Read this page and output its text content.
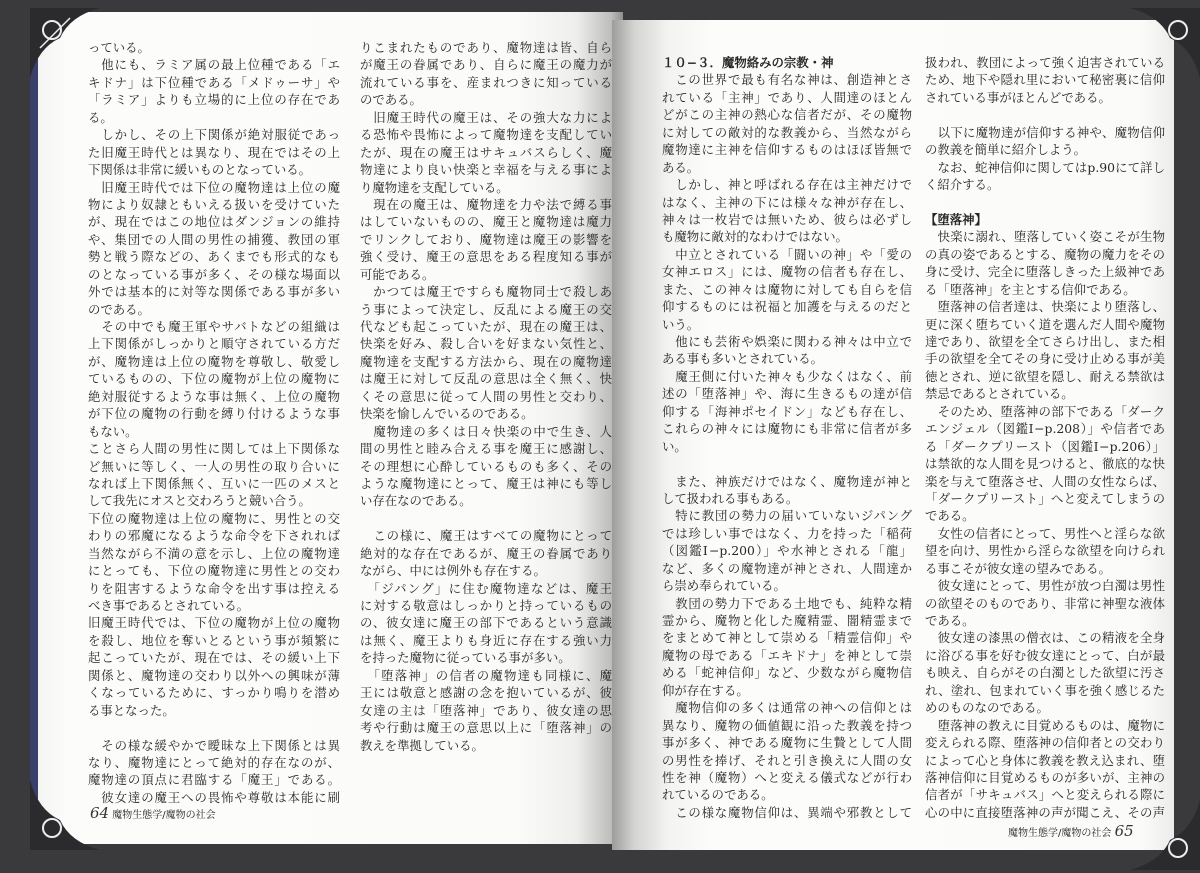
っている。
　他にも、ラミア属の最上位種である「エ
キドナ」は下位種である「メドゥーサ」や
「ラミア」よりも立場的に上位の存在であ
る。
　しかし、その上下関係が絶対服従であっ
た旧魔王時代とは異なり、現在ではその上
下関係は非常に緩いものとなっている。
　旧魔王時代では下位の魔物達は上位の魔
物により奴隷ともいえる扱いを受けていた
が、現在ではこの地位はダンジョンの維持
や、集団での人間の男性の捕獲、教団の軍
勢と戦う際などの、あくまでも形式的なも
のとなっている事が多く、その様な場面以
外では基本的に対等な関係である事が多い
のである。
　その中でも魔王軍やサバトなどの組織は
上下関係がしっかりと順守されている方だ
が、魔物達は上位の魔物を尊敬し、敬愛し
ているものの、下位の魔物が上位の魔物に
絶対服従するような事は無く、上位の魔物
が下位の魔物の行動を縛り付けるような事
もない。
ことさら人間の男性に関しては上下関係な
ど無いに等しく、一人の男性の取り合いに
なれば上下関係無く、互いに一匹のメスと
して我先にオスと交わろうと競い合う。
下位の魔物達は上位の魔物に、男性との交
わりの邪魔になるような命令を下されれば
当然ながら不満の意を示し、上位の魔物達
にとっても、下位の魔物達に男性との交わ
りを阻害するような命令を出す事は控える
べき事であるとされている。
旧魔王時代では、下位の魔物が上位の魔物
を殺し、地位を奪いとるという事が頻繁に
起こっていたが、現在では、その緩い上下
関係と、魔物達の交わり以外への興味が薄
くなっているために、すっかり鳴りを潜め
る事となった。
　その様な緩やかで曖昧な上下関係とは異
なり、魔物達にとって絶対的存在なのが、
魔物達の頂点に君臨する「魔王」である。
　彼女達の魔王への畏怖や尊敬は本能に刷
りこまれたものであり、魔物達は皆、自ら
が魔王の眷属であり、自らに魔王の魔力が
流れている事を、産まれつきに知っている
のである。
　旧魔王時代の魔王は、その強大な力によ
る恐怖や畏怖によって魔物達を支配してい
たが、現在の魔王はサキュバスらしく、魔
物達により良い快楽と幸福を与える事によ
り魔物達を支配している。
　現在の魔王は、魔物達を力や法で縛る事
はしていないものの、魔王と魔物達は魔力
でリンクしており、魔物達は魔王の影響を
強く受け、魔王の意思をある程度知る事が
可能である。
　かつては魔王ですらも魔物同士で殺しあ
う事によって決定し、反乱による魔王の交
代なども起こっていたが、現在の魔王は、
快楽を好み、殺し合いを好まない気性と、
魔物達を支配する方法から、現在の魔物達
は魔王に対して反乱の意思は全く無く、快
くその意思に従って人間の男性と交わり、
快楽を愉しんでいるのである。
　魔物達の多くは日々快楽の中で生き、人
間の男性と睦み合える事を魔王に感謝し、
その理想に心酔しているものも多く、その
ような魔物達にとって、魔王は神にも等し
い存在なのである。
　この様に、魔王はすべての魔物にとって
絶対的な存在であるが、魔王の眷属であり
ながら、中には例外も存在する。
　「ジパング」に住む魔物達などは、魔王
に対する敬意はしっかりと持っているもの
の、彼女達に魔王の部下であるという意識
は無く、魔王よりも身近に存在する強い力
を持った魔物に従っている事が多い。
　「堕落神」の信者の魔物達も同様に、魔
王には敬意と感謝の念を抱いているが、彼
女達の主は「堕落神」であり、彼女達の思
考や行動は魔王の意思以上に「堕落神」の
教えを準拠している。
１０−３．魔物絡みの宗教・神
　この世界で最も有名な神は、創造神とさ
れている「主神」であり、人間達のほとん
どがこの主神の熱心な信者だが、その魔物
に対しての敵対的な教義から、当然ながら
魔物達に主神を信仰するものはほぼ皆無で
ある。
　しかし、神と呼ばれる存在は主神だけで
はなく、主神の下には様々な神が存在し、
神々は一枚岩では無いため、彼らは必ずし
も魔物に敵対的なわけではない。
　中立とされている「闘いの神」や「愛の
女神エロス」には、魔物の信者も存在し、
また、この神々は魔物に対しても自らを信
仰するものには祝福と加護を与えるのだと
いう。
　他にも芸術や娯楽に関わる神々は中立で
ある事も多いとされている。
　魔王側に付いた神々も少なくはなく、前
述の「堕落神」や、海に生きるもの達が信
仰する「海神ポセイドン」なども存在し、
これらの神々には魔物にも非常に信者が多
い。
　また、神族だけではなく、魔物達が神と
して扱われる事もある。
　特に教団の勢力の届いていないジパング
では珍しい事ではなく、力を持った「稲荷
（図鑑Ⅰ−p.200）」や水神とされる「龍」
など、多くの魔物達が神とされ、人間達か
ら崇め奉られている。
　教団の勢力下である土地でも、純粋な精
霊から、魔物と化した魔精霊、闇精霊まで
をまとめて神として崇める「精霊信仰」や
魔物の母である「エキドナ」を神として崇
める「蛇神信仰」など、少数ながら魔物信
仰が存在する。
　魔物信仰の多くは通常の神への信仰とは
異なり、魔物の価値観に沿った教義を持つ
事が多く、神である魔物に生贄として人間
の男性を捧げ、それと引き換えに人間の女
性を神（魔物）へと変える儀式などが行わ
れているのである。
　この様な魔物信仰は、異端や邪教として
扱われ、教団によって強く迫害されている
ため、地下や隠れ里において秘密裏に信仰
されている事がほとんどである。
　以下に魔物達が信仰する神や、魔物信仰
の教義を簡単に紹介しよう。
　なお、蛇神信仰に関してはp.90にて詳し
く紹介する。
【堕落神】
　快楽に溺れ、堕落していく姿こそが生物
の真の姿であるとする、魔物の魔力をその
身に受け、完全に堕落しきった上級神であ
る「堕落神」を主とする信仰である。
　堕落神の信者達は、快楽により堕落し、
更に深く堕ちていく道を選んだ人間や魔物
達であり、欲望を全てさらけ出し、また相
手の欲望を全てその身に受け止める事が美
徳とされ、逆に欲望を隠し、耐える禁欲は
禁忌であるとされている。
　そのため、堕落神の部下である「ダーク
エンジェル（図鑑Ⅰ−p.208）」や信者であ
る「ダークプリースト（図鑑Ⅰ−p.206）」
は禁欲的な人間を見つけると、徹底的な快
楽を与えて堕落させ、人間の女性ならば、
「ダークプリースト」へと変えてしまうの
である。
　女性の信者にとって、男性へと淫らな欲
望を向け、男性から淫らな欲望を向けられ
る事こそが彼女達の望みである。
　彼女達にとって、男性が放つ白濁は男性
の欲望そのものであり、非常に神聖な液体
である。
　彼女達の漆黒の僧衣は、この精液を全身
に浴びる事を好む彼女達にとって、白が最
も映え、自らがその白濁とした欲望に汚さ
れ、塗れ、包まれていく事を強く感じるた
めのものなのである。
　堕落神の教えに目覚めるものは、魔物に
変えられる際、堕落神の信仰者との交わり
によって心と身体に教義を教え込まれ、堕
落神信仰に目覚めるものが多いが、主神の
信者が「サキュバス」へと変えられる際に
心の中に直接堕落神の声が聞こえ、その声
64 魔物生態学/魔物の社会
魔物生態学/魔物の社会 65
